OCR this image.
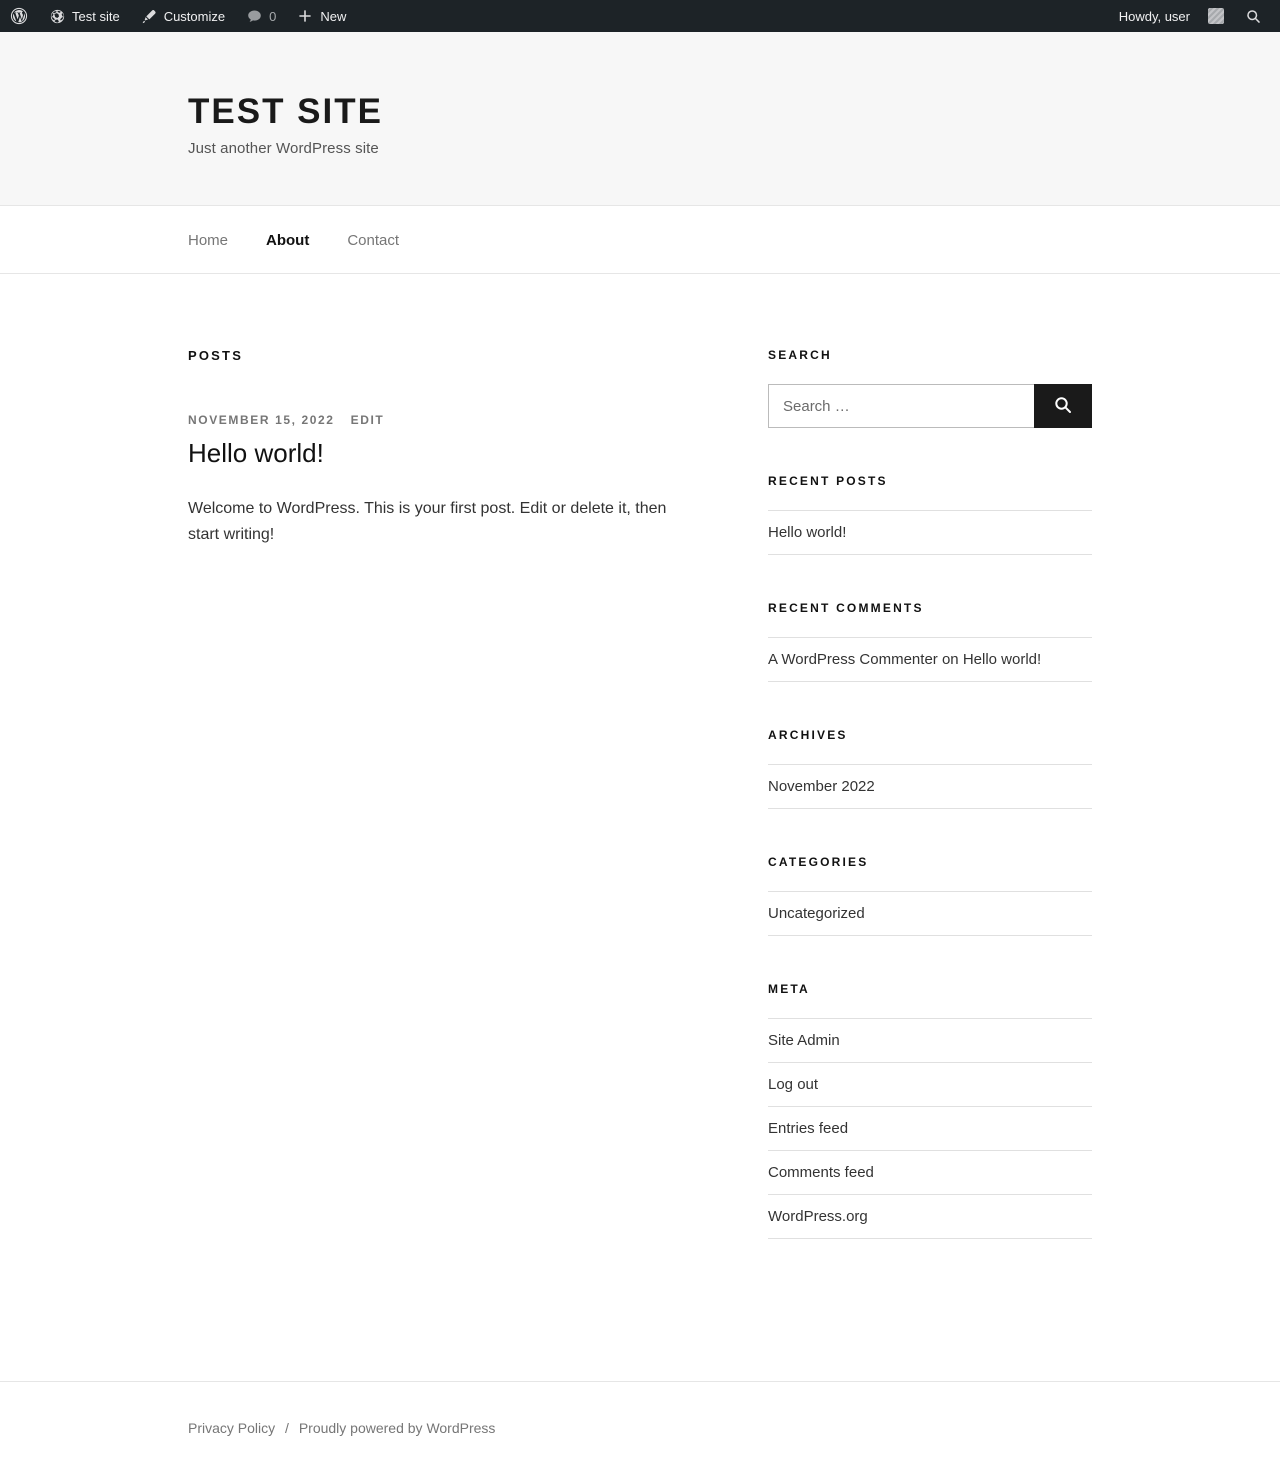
Test site	Customize	0	New	Howdy, user
TEST SITE

Just another WordPress site

Home	About	Contact
POSTS
NOVEMBER 15, 2022 EDIT
Hello world!

Welcome to WordPress. This is your first post. Edit or delete it, then start writing!

SEARCH
Search …
RECENT POSTS
Hello world!
RECENT COMMENTS
A WordPress Commenter on Hello world!
ARCHIVES
November 2022
CATEGORIES
Uncategorized
META
Site Admin
Log out
Entries feed
Comments feed
WordPress.org
Privacy Policy / Proudly powered by WordPress
